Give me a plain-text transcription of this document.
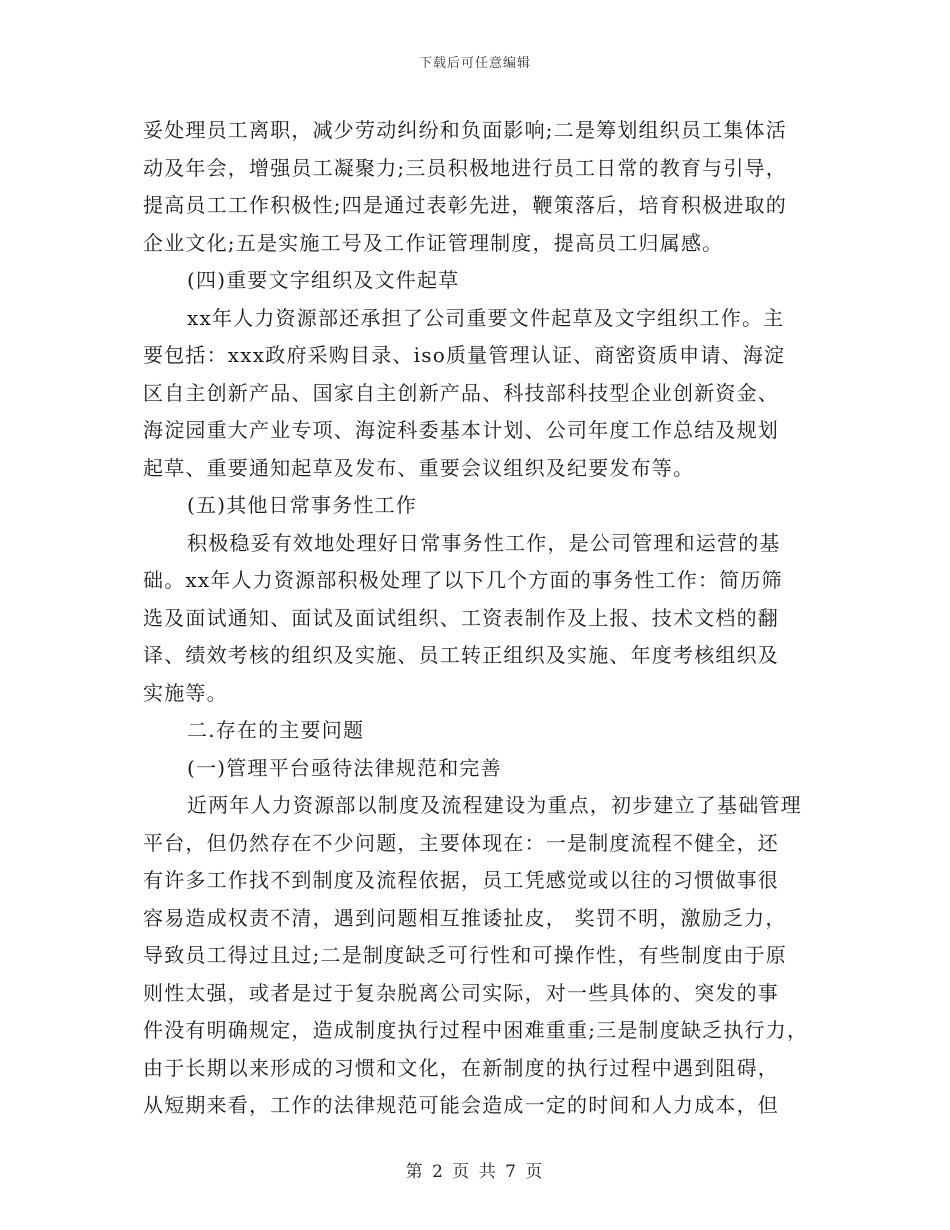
下载后可任意编辑
妥处理员工离职，减少劳动纠纷和负面影响;二是筹划组织员工集体活
动及年会，增强员工凝聚力;三员积极地进行员工日常的教育与引导，
提高员工工作积极性;四是通过表彰先进，鞭策落后，培育积极进取的
企业文化;五是实施工号及工作证管理制度，提高员工归属感。
(四)重要文字组织及文件起草
xx年人力资源部还承担了公司重要文件起草及文字组织工作。主
要包括：xxx政府采购目录、iso质量管理认证、商密资质申请、海淀
区自主创新产品、国家自主创新产品、科技部科技型企业创新资金、
海淀园重大产业专项、海淀科委基本计划、公司年度工作总结及规划
起草、重要通知起草及发布、重要会议组织及纪要发布等。
(五)其他日常事务性工作
积极稳妥有效地处理好日常事务性工作，是公司管理和运营的基
础。xx年人力资源部积极处理了以下几个方面的事务性工作：简历筛
选及面试通知、面试及面试组织、工资表制作及上报、技术文档的翻
译、绩效考核的组织及实施、员工转正组织及实施、年度考核组织及
实施等。
二.存在的主要问题
(一)管理平台亟待法律规范和完善
近两年人力资源部以制度及流程建设为重点，初步建立了基础管理
平台，但仍然存在不少问题，主要体现在：一是制度流程不健全，还
有许多工作找不到制度及流程依据，员工凭感觉或以往的习惯做事很
容易造成权责不清，遇到问题相互推诿扯皮， 奖罚不明，激励乏力，
导致员工得过且过;二是制度缺乏可行性和可操作性，有些制度由于原
则性太强，或者是过于复杂脱离公司实际，对一些具体的、突发的事
件没有明确规定，造成制度执行过程中困难重重;三是制度缺乏执行力，
由于长期以来形成的习惯和文化，在新制度的执行过程中遇到阻碍，
从短期来看，工作的法律规范可能会造成一定的时间和人力成本，但
第 2 页 共 7 页
